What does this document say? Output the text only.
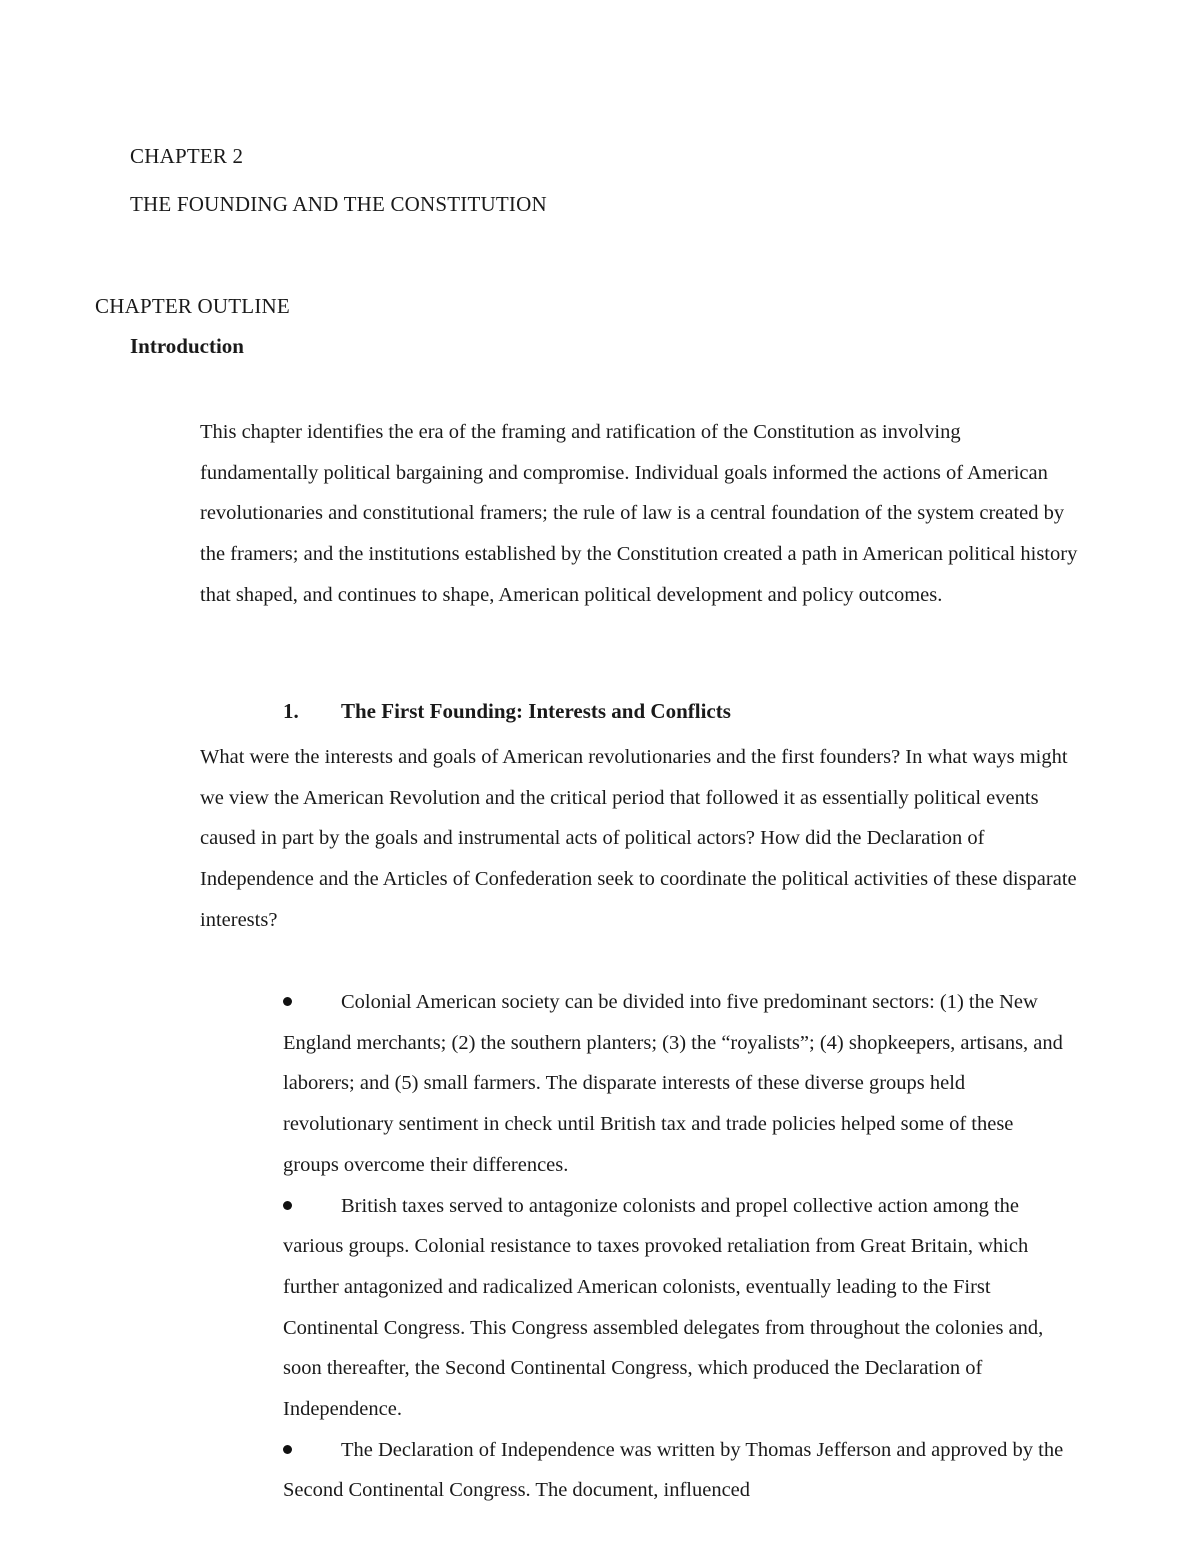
CHAPTER 2
THE FOUNDING AND THE CONSTITUTION
CHAPTER OUTLINE
Introduction

This chapter identifies the era of the framing and ratification of the Constitution as involving fundamentally political bargaining and compromise. Individual goals informed the actions of American revolutionaries and constitutional framers; the rule of law is a central foundation of the system created by the framers; and the institutions established by the Constitution created a path in American political history that shaped, and continues to shape, American political development and policy outcomes.

1. The First Founding: Interests and Conflicts

What were the interests and goals of American revolutionaries and the first founders? In what ways might we view the American Revolution and the critical period that followed it as essentially political events caused in part by the goals and instrumental acts of political actors? How did the Declaration of Independence and the Articles of Confederation seek to coordinate the political activities of these disparate interests?

Colonial American society can be divided into five predominant sectors: (1) the New England merchants; (2) the southern planters; (3) the “royalists”; (4) shopkeepers, artisans, and laborers; and (5) small farmers. The disparate interests of these diverse groups held revolutionary sentiment in check until British tax and trade policies helped some of these groups overcome their differences.
British taxes served to antagonize colonists and propel collective action among the various groups. Colonial resistance to taxes provoked retaliation from Great Britain, which further antagonized and radicalized American colonists, eventually leading to the First Continental Congress. This Congress assembled delegates from throughout the colonies and, soon thereafter, the Second Continental Congress, which produced the Declaration of Independence.
The Declaration of Independence was written by Thomas Jefferson and approved by the Second Continental Congress. The document, influenced
